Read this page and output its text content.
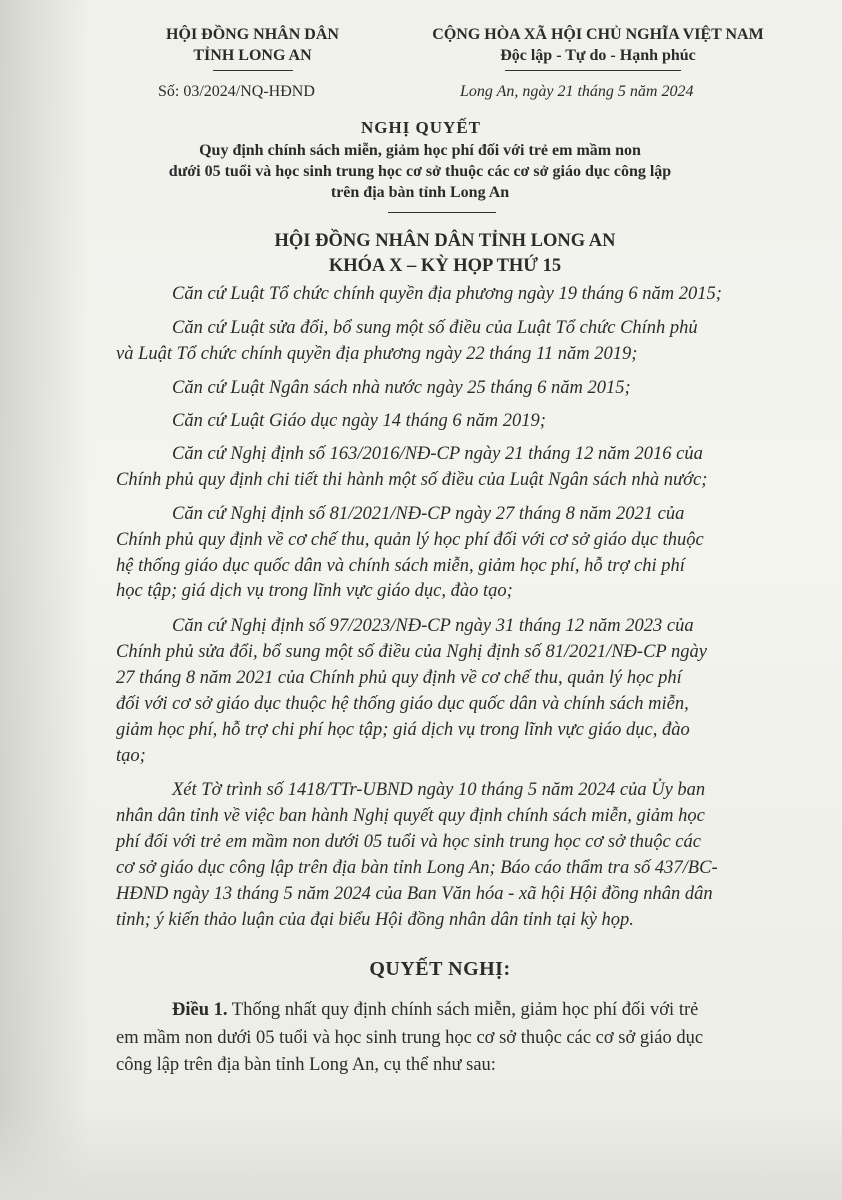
HỘI ĐỒNG NHÂN DÂN
TỈNH LONG AN
CỘNG HÒA XÃ HỘI CHỦ NGHĨA VIỆT NAM
Độc lập - Tự do - Hạnh phúc
Số: 03/2024/NQ-HĐND	Long An, ngày 21 tháng 5 năm 2024
NGHỊ QUYẾT
Quy định chính sách miễn, giảm học phí đối với trẻ em mầm non
dưới 05 tuổi và học sinh trung học cơ sở thuộc các cơ sở giáo dục công lập
trên địa bàn tỉnh Long An
HỘI ĐỒNG NHÂN DÂN TỈNH LONG AN
KHÓA X – KỲ HỌP THỨ 15
Căn cứ Luật Tổ chức chính quyền địa phương ngày 19 tháng 6 năm 2015;
Căn cứ Luật sửa đổi, bổ sung một số điều của Luật Tổ chức Chính phủ
và Luật Tổ chức chính quyền địa phương ngày 22 tháng 11 năm 2019;
Căn cứ Luật Ngân sách nhà nước ngày 25 tháng 6 năm 2015;
Căn cứ Luật Giáo dục ngày 14 tháng 6 năm 2019;
Căn cứ Nghị định số 163/2016/NĐ-CP ngày 21 tháng 12 năm 2016 của
Chính phủ quy định chi tiết thi hành một số điều của Luật Ngân sách nhà nước;
Căn cứ Nghị định số 81/2021/NĐ-CP ngày 27 tháng 8 năm 2021 của
Chính phủ quy định về cơ chế thu, quản lý học phí đối với cơ sở giáo dục thuộc
hệ thống giáo dục quốc dân và chính sách miễn, giảm học phí, hỗ trợ chi phí
học tập; giá dịch vụ trong lĩnh vực giáo dục, đào tạo;
Căn cứ Nghị định số 97/2023/NĐ-CP ngày 31 tháng 12 năm 2023 của
Chính phủ sửa đổi, bổ sung một số điều của Nghị định số 81/2021/NĐ-CP ngày
27 tháng 8 năm 2021 của Chính phủ quy định về cơ chế thu, quản lý học phí
đối với cơ sở giáo dục thuộc hệ thống giáo dục quốc dân và chính sách miễn,
giảm học phí, hỗ trợ chi phí học tập; giá dịch vụ trong lĩnh vực giáo dục, đào
tạo;
Xét Tờ trình số 1418/TTr-UBND ngày 10 tháng 5 năm 2024 của Ủy ban
nhân dân tỉnh về việc ban hành Nghị quyết quy định chính sách miễn, giảm học
phí đối với trẻ em mầm non dưới 05 tuổi và học sinh trung học cơ sở thuộc các
cơ sở giáo dục công lập trên địa bàn tỉnh Long An; Báo cáo thẩm tra số 437/BC-
HĐND ngày 13 tháng 5 năm 2024 của Ban Văn hóa - xã hội Hội đồng nhân dân
tỉnh; ý kiến thảo luận của đại biểu Hội đồng nhân dân tỉnh tại kỳ họp.
QUYẾT NGHỊ:
Điều 1. Thống nhất quy định chính sách miễn, giảm học phí đối với trẻ
em mầm non dưới 05 tuổi và học sinh trung học cơ sở thuộc các cơ sở giáo dục
công lập trên địa bàn tỉnh Long An, cụ thể như sau:
